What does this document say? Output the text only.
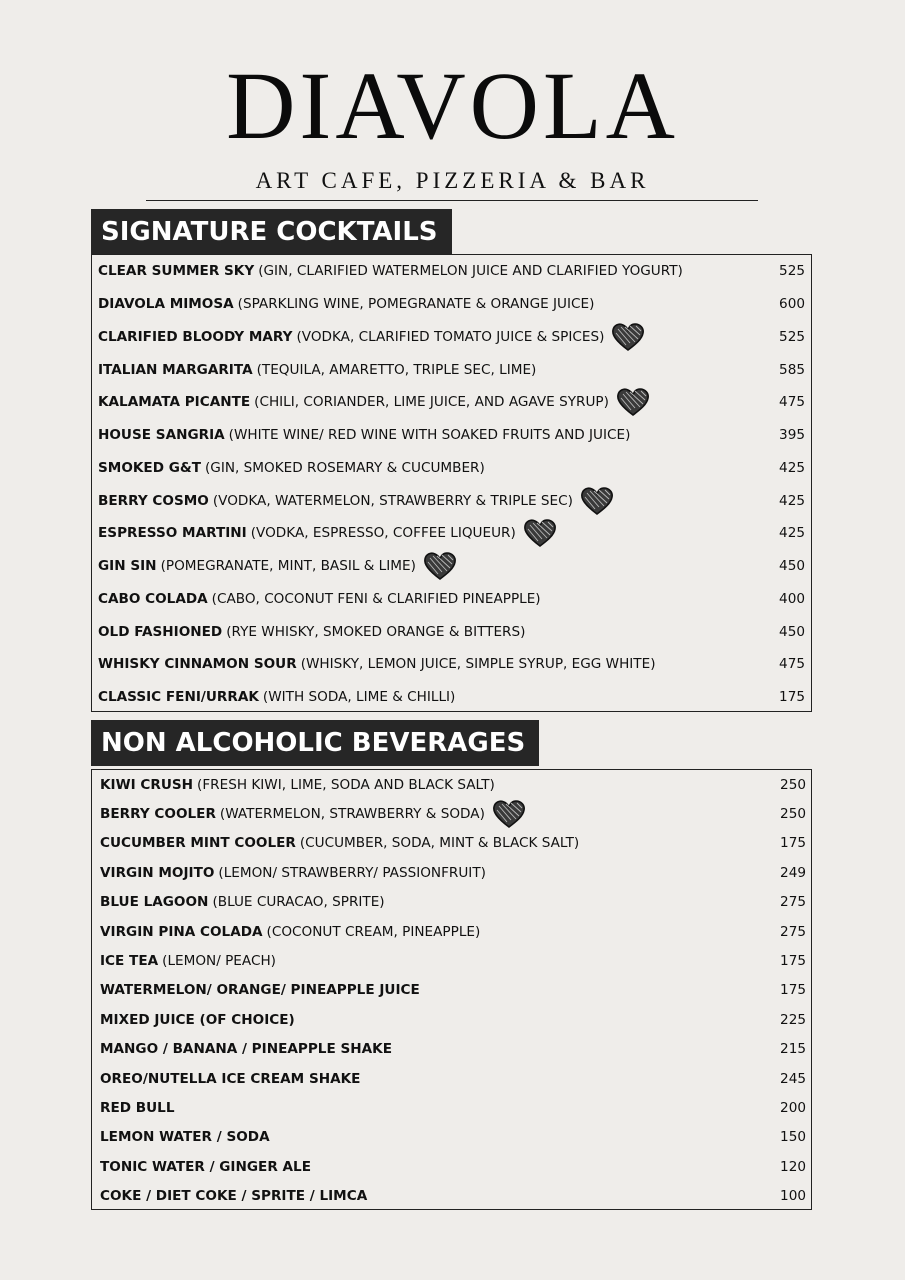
DIAVOLA
ART CAFE, PIZZERIA & BAR
SIGNATURE COCKTAILS
CLEAR SUMMER SKY (GIN, CLARIFIED WATERMELON JUICE AND CLARIFIED YOGURT)	525
DIAVOLA MIMOSA (SPARKLING WINE, POMEGRANATE & ORANGE JUICE)	600
CLARIFIED BLOODY MARY (VODKA, CLARIFIED TOMATO JUICE & SPICES)	525
ITALIAN MARGARITA (TEQUILA, AMARETTO, TRIPLE SEC, LIME)	585
KALAMATA PICANTE (CHILI, CORIANDER, LIME JUICE, AND AGAVE SYRUP)	475
HOUSE SANGRIA (WHITE WINE/ RED WINE WITH SOAKED FRUITS AND JUICE)	395
SMOKED G&T (GIN, SMOKED ROSEMARY & CUCUMBER)	425
BERRY COSMO (VODKA, WATERMELON, STRAWBERRY & TRIPLE SEC)	425
ESPRESSO MARTINI (VODKA, ESPRESSO, COFFEE LIQUEUR)	425
GIN SIN (POMEGRANATE, MINT, BASIL & LIME)	450
CABO COLADA (CABO, COCONUT FENI & CLARIFIED PINEAPPLE)	400
OLD FASHIONED (RYE WHISKY, SMOKED ORANGE & BITTERS)	450
WHISKY CINNAMON SOUR (WHISKY, LEMON JUICE, SIMPLE SYRUP, EGG WHITE)	475
CLASSIC FENI/URRAK (WITH SODA, LIME & CHILLI)	175
NON ALCOHOLIC BEVERAGES
KIWI CRUSH (FRESH KIWI, LIME, SODA AND BLACK SALT)	250
BERRY COOLER (WATERMELON, STRAWBERRY & SODA)	250
CUCUMBER MINT COOLER (CUCUMBER, SODA, MINT & BLACK SALT)	175
VIRGIN MOJITO (LEMON/ STRAWBERRY/ PASSIONFRUIT)	249
BLUE LAGOON (BLUE CURACAO, SPRITE)	275
VIRGIN PINA COLADA (COCONUT CREAM, PINEAPPLE)	275
ICE TEA (LEMON/ PEACH)	175
WATERMELON/ ORANGE/ PINEAPPLE JUICE	175
MIXED JUICE (OF CHOICE)	225
MANGO / BANANA / PINEAPPLE SHAKE	215
OREO/NUTELLA ICE CREAM SHAKE	245
RED BULL	200
LEMON WATER / SODA	150
TONIC WATER / GINGER ALE	120
COKE / DIET COKE / SPRITE / LIMCA	100
